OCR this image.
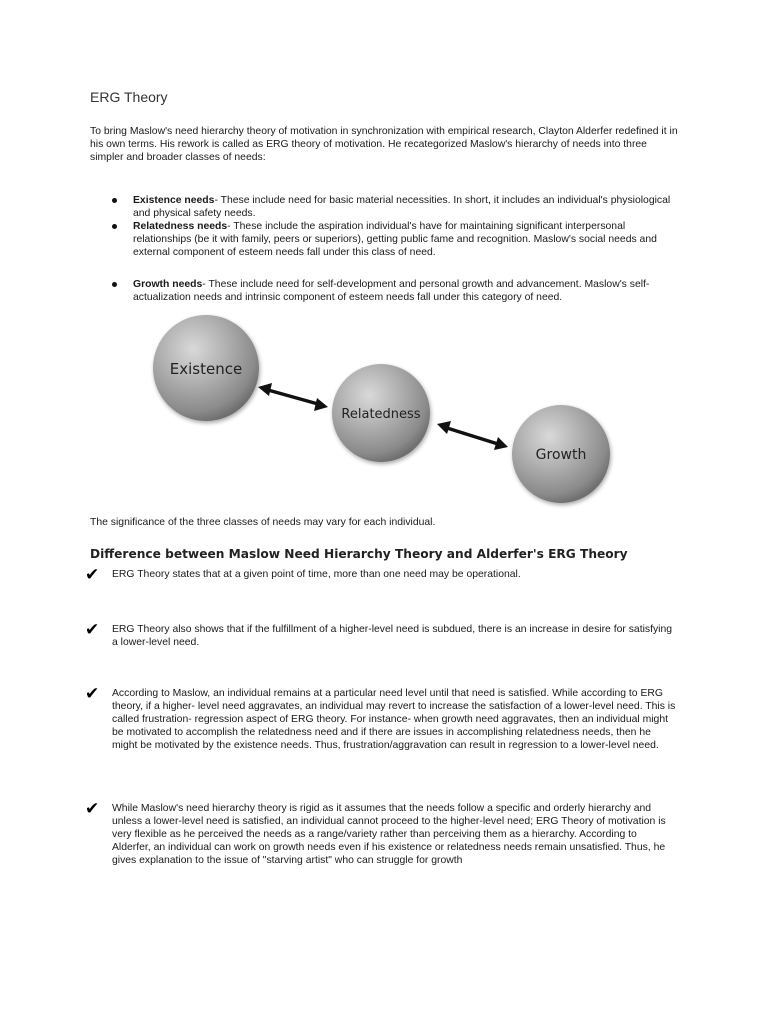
ERG Theory

To bring Maslow's need hierarchy theory of motivation in synchronization with empirical research, Clayton Alderfer redefined it in his own terms. His rework is called as ERG theory of motivation. He recategorized Maslow's hierarchy of needs into three simpler and broader classes of needs:

Existence needs- These include need for basic material necessities. In short, it includes an individual's physiological and physical safety needs.
Relatedness needs- These include the aspiration individual's have for maintaining significant interpersonal relationships (be it with family, peers or superiors), getting public fame and recognition. Maslow's social needs and external component of esteem needs fall under this class of need.
Growth needs- These include need for self-development and personal growth and advancement. Maslow's self-actualization needs and intrinsic component of esteem needs fall under this category of need.
Existence
Relatedness
Growth

The significance of the three classes of needs may vary for each individual.

Difference between Maslow Need Hierarchy Theory and Alderfer's ERG Theory
✔ ERG Theory states that at a given point of time, more than one need may be operational.

✔ ERG Theory also shows that if the fulfillment of a higher-level need is subdued, there is an increase in desire for satisfying a lower-level need.

✔ According to Maslow, an individual remains at a particular need level until that need is satisfied. While according to ERG theory, if a higher- level need aggravates, an individual may revert to increase the satisfaction of a lower-level need. This is called frustration- regression aspect of ERG theory. For instance- when growth need aggravates, then an individual might be motivated to accomplish the relatedness need and if there are issues in accomplishing relatedness needs, then he might be motivated by the existence needs. Thus, frustration/aggravation can result in regression to a lower-level need.

✔ While Maslow's need hierarchy theory is rigid as it assumes that the needs follow a specific and orderly hierarchy and unless a lower-level need is satisfied, an individual cannot proceed to the higher-level need; ERG Theory of motivation is very flexible as he perceived the needs as a range/variety rather than perceiving them as a hierarchy. According to Alderfer, an individual can work on growth needs even if his existence or relatedness needs remain unsatisfied. Thus, he gives explanation to the issue of "starving artist" who can struggle for growth
